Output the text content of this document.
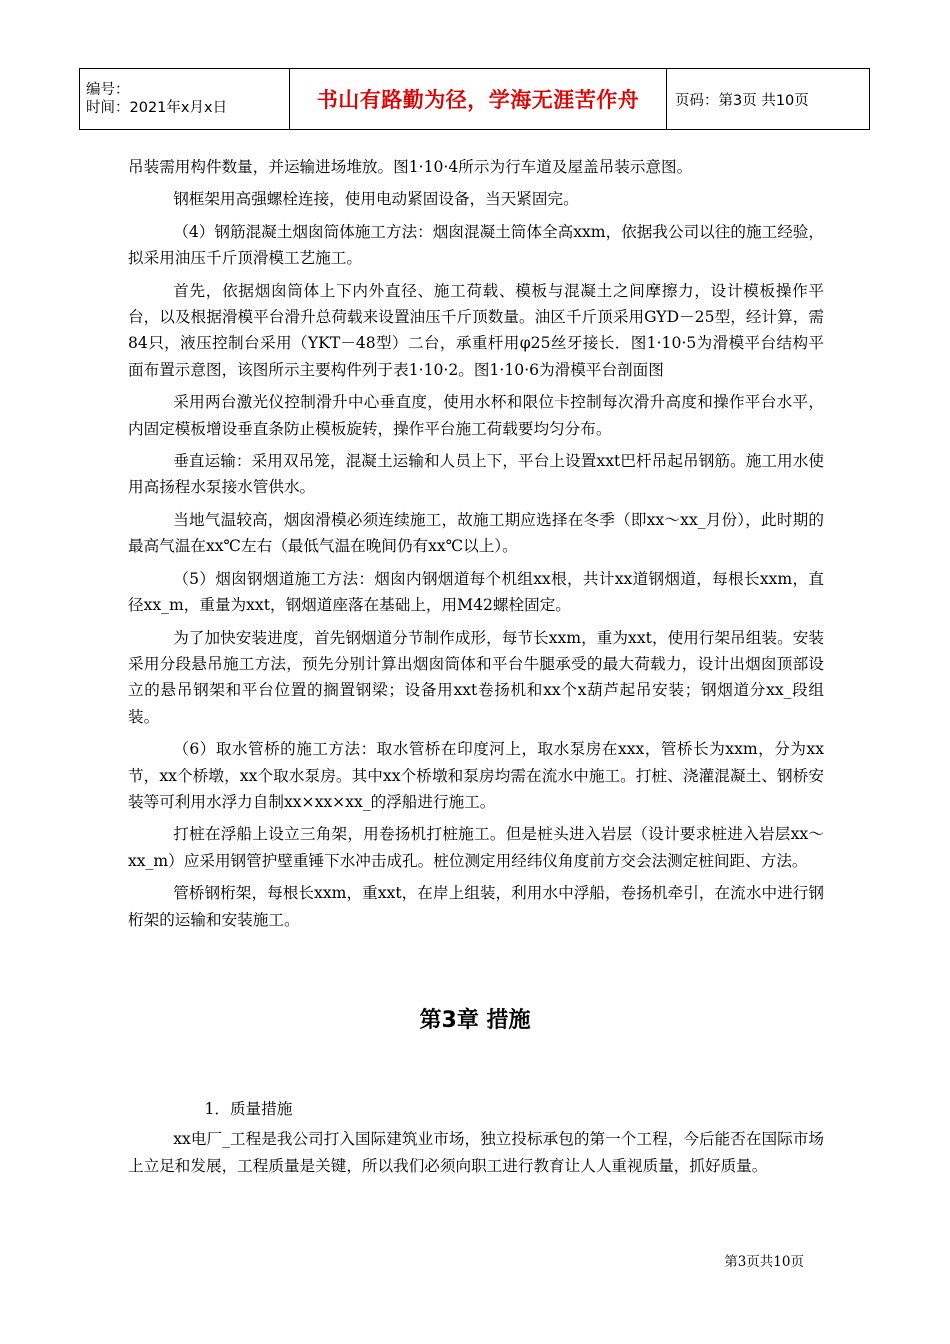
编号：
时间：2021年x月x日	书山有路勤为径，学海无涯苦作舟	页码：第3页 共10页

吊装需用构件数量，并运输进场堆放。图1·10·4所示为行车道及屋盖吊装示意图。

钢框架用高强螺栓连接，使用电动紧固设备，当天紧固完。

（4）钢筋混凝土烟囱筒体施工方法：烟囱混凝土筒体全高xxm，依据我公司以往的施工经验，拟采用油压千斤顶滑模工艺施工。

首先，依据烟囱筒体上下内外直径、施工荷载、模板与混凝土之间摩擦力，设计模板操作平台，以及根据滑模平台滑升总荷载来设置油压千斤顶数量。油区千斤顶采用GYD－25型，经计算，需84只，液压控制台采用（YKT－48型）二台，承重杆用φ25丝牙接长．图1·10·5为滑模平台结构平面布置示意图，该图所示主要构件列于表1·10·2。图1·10·6为滑模平台剖面图

采用两台激光仪控制滑升中心垂直度，使用水杯和限位卡控制每次滑升高度和操作平台水平，内固定模板增设垂直条防止模板旋转，操作平台施工荷载要均匀分布。

垂直运输：采用双吊笼，混凝土运输和人员上下，平台上设置xxt巴杆吊起吊钢筋。施工用水使用高扬程水泵接水管供水。

当地气温较高，烟囱滑模必须连续施工，故施工期应选择在冬季（即xx～xx_月份），此时期的最高气温在xx℃左右（最低气温在晚间仍有xx℃以上）。

（5）烟囱钢烟道施工方法：烟囱内钢烟道每个机组xx根，共计xx道钢烟道，每根长xxm，直径xx_m，重量为xxt，钢烟道座落在基础上，用M42螺栓固定。

为了加快安装进度，首先钢烟道分节制作成形，每节长xxm，重为xxt，使用行架吊组装。安装采用分段悬吊施工方法，预先分别计算出烟囱筒体和平台牛腿承受的最大荷载力，设计出烟囱顶部设立的悬吊钢架和平台位置的搁置钢梁；设备用xxt卷扬机和xx个x葫芦起吊安装；钢烟道分xx_段组装。

（6）取水管桥的施工方法：取水管桥在印度河上，取水泵房在xxx，管桥长为xxm，分为xx节，xx个桥墩，xx个取水泵房。其中xx个桥墩和泵房均需在流水中施工。打桩、浇灌混凝土、钢桥安装等可利用水浮力自制xx×xx×xx_的浮船进行施工。

打桩在浮船上设立三角架，用卷扬机打桩施工。但是桩头进入岩层（设计要求桩进入岩层xx～xx_m）应采用钢管护壁重锤下水冲击成孔。桩位测定用经纬仪角度前方交会法测定桩间距、方法。

管桥钢桁架，每根长xxm，重xxt，在岸上组装，利用水中浮船，卷扬机牵引，在流水中进行钢桁架的运输和安装施工。

第3章 措施

1．质量措施

xx电厂_工程是我公司打入国际建筑业市场，独立投标承包的第一个工程，今后能否在国际市场上立足和发展，工程质量是关键，所以我们必须向职工进行教育让人人重视质量，抓好质量。

第3页共10页
